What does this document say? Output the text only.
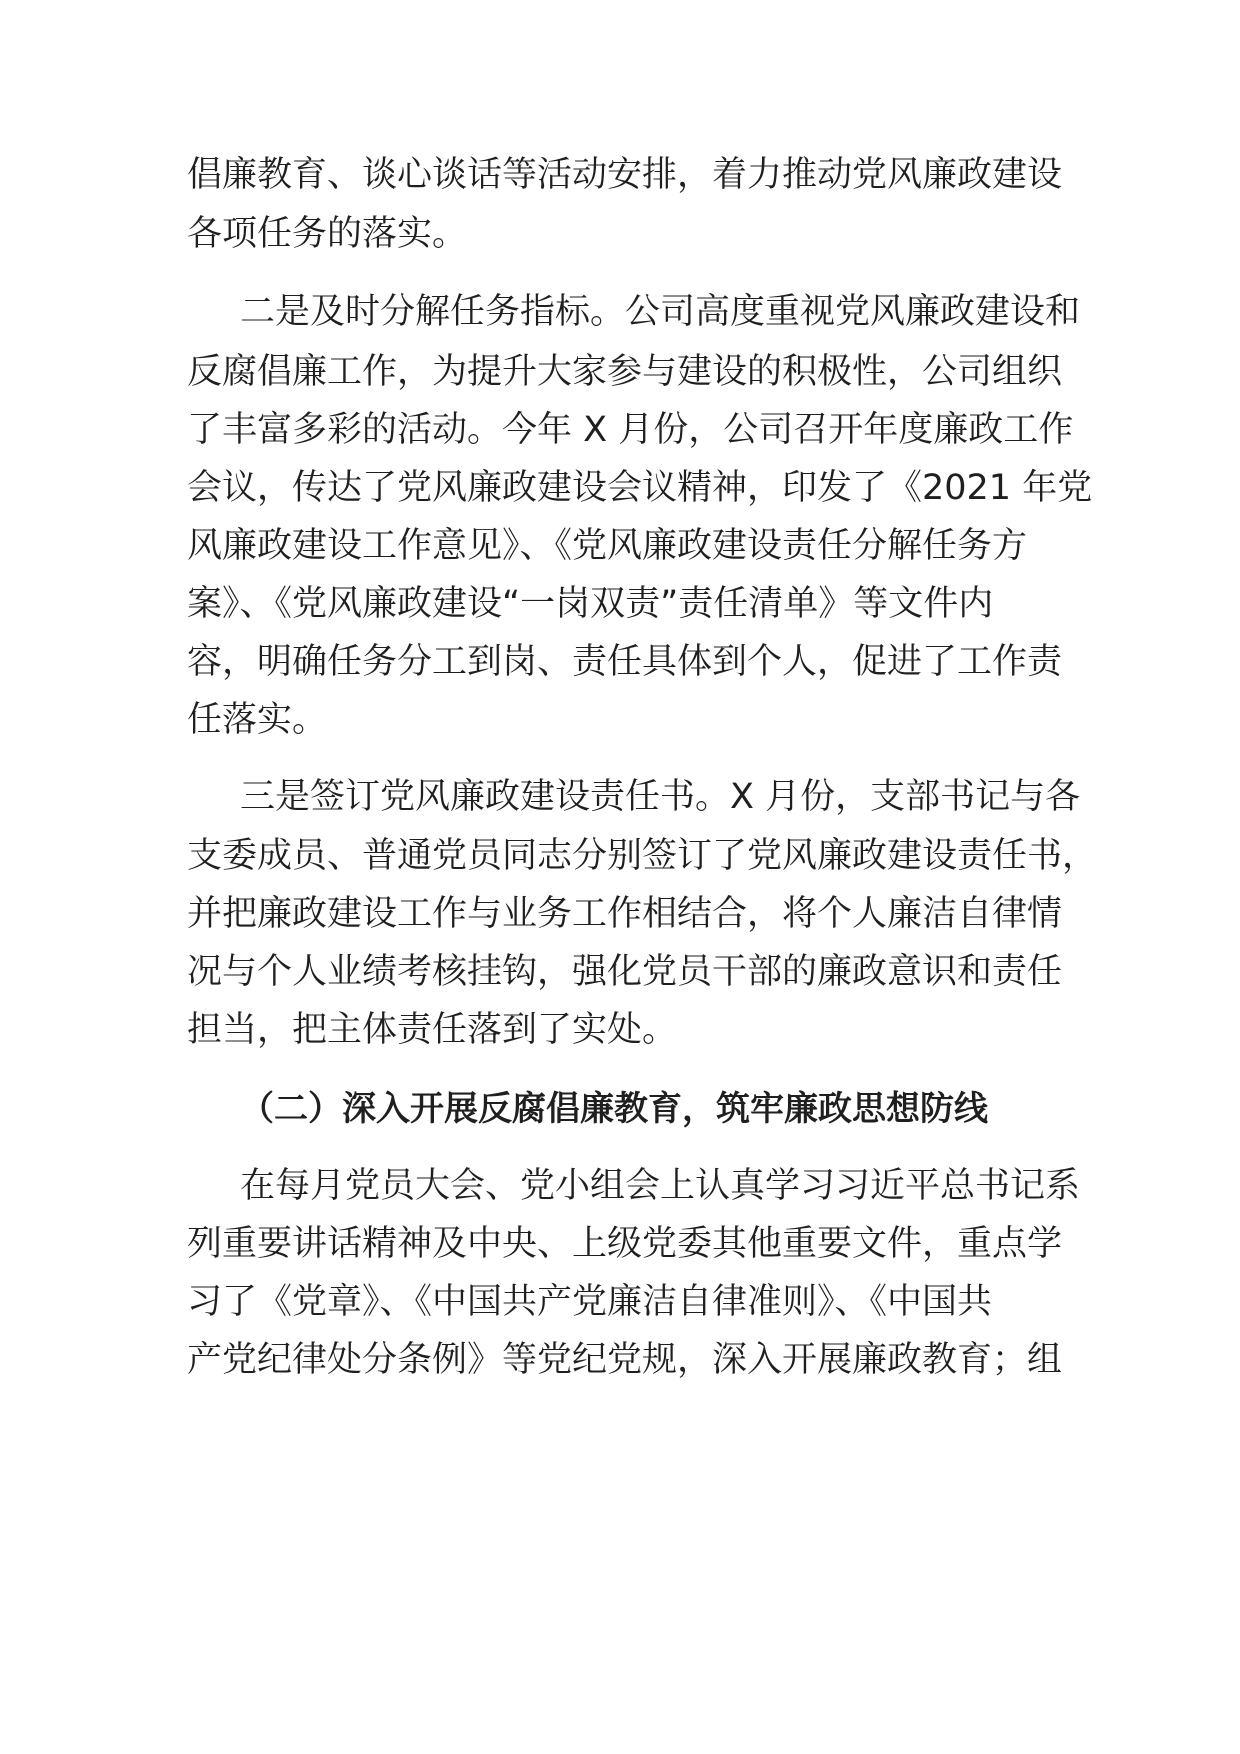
倡廉教育、谈心谈话等活动安排，着力推动党风廉政建设
各项任务的落实。
二是及时分解任务指标。公司高度重视党风廉政建设和
反腐倡廉工作，为提升大家参与建设的积极性，公司组织
了丰富多彩的活动。今年 X 月份，公司召开年度廉政工作
会议，传达了党风廉政建设会议精神，印发了《2021 年党
风廉政建设工作意见》、《党风廉政建设责任分解任务方
案》、《党风廉政建设“一岗双责”责任清单》等文件内
容，明确任务分工到岗、责任具体到个人，促进了工作责
任落实。
三是签订党风廉政建设责任书。X 月份，支部书记与各
支委成员、普通党员同志分别签订了党风廉政建设责任书，
并把廉政建设工作与业务工作相结合，将个人廉洁自律情
况与个人业绩考核挂钩，强化党员干部的廉政意识和责任
担当，把主体责任落到了实处。
（二）深入开展反腐倡廉教育，筑牢廉政思想防线
在每月党员大会、党小组会上认真学习习近平总书记系
列重要讲话精神及中央、上级党委其他重要文件，重点学
习了《党章》、《中国共产党廉洁自律准则》、《中国共
产党纪律处分条例》等党纪党规，深入开展廉政教育；组
